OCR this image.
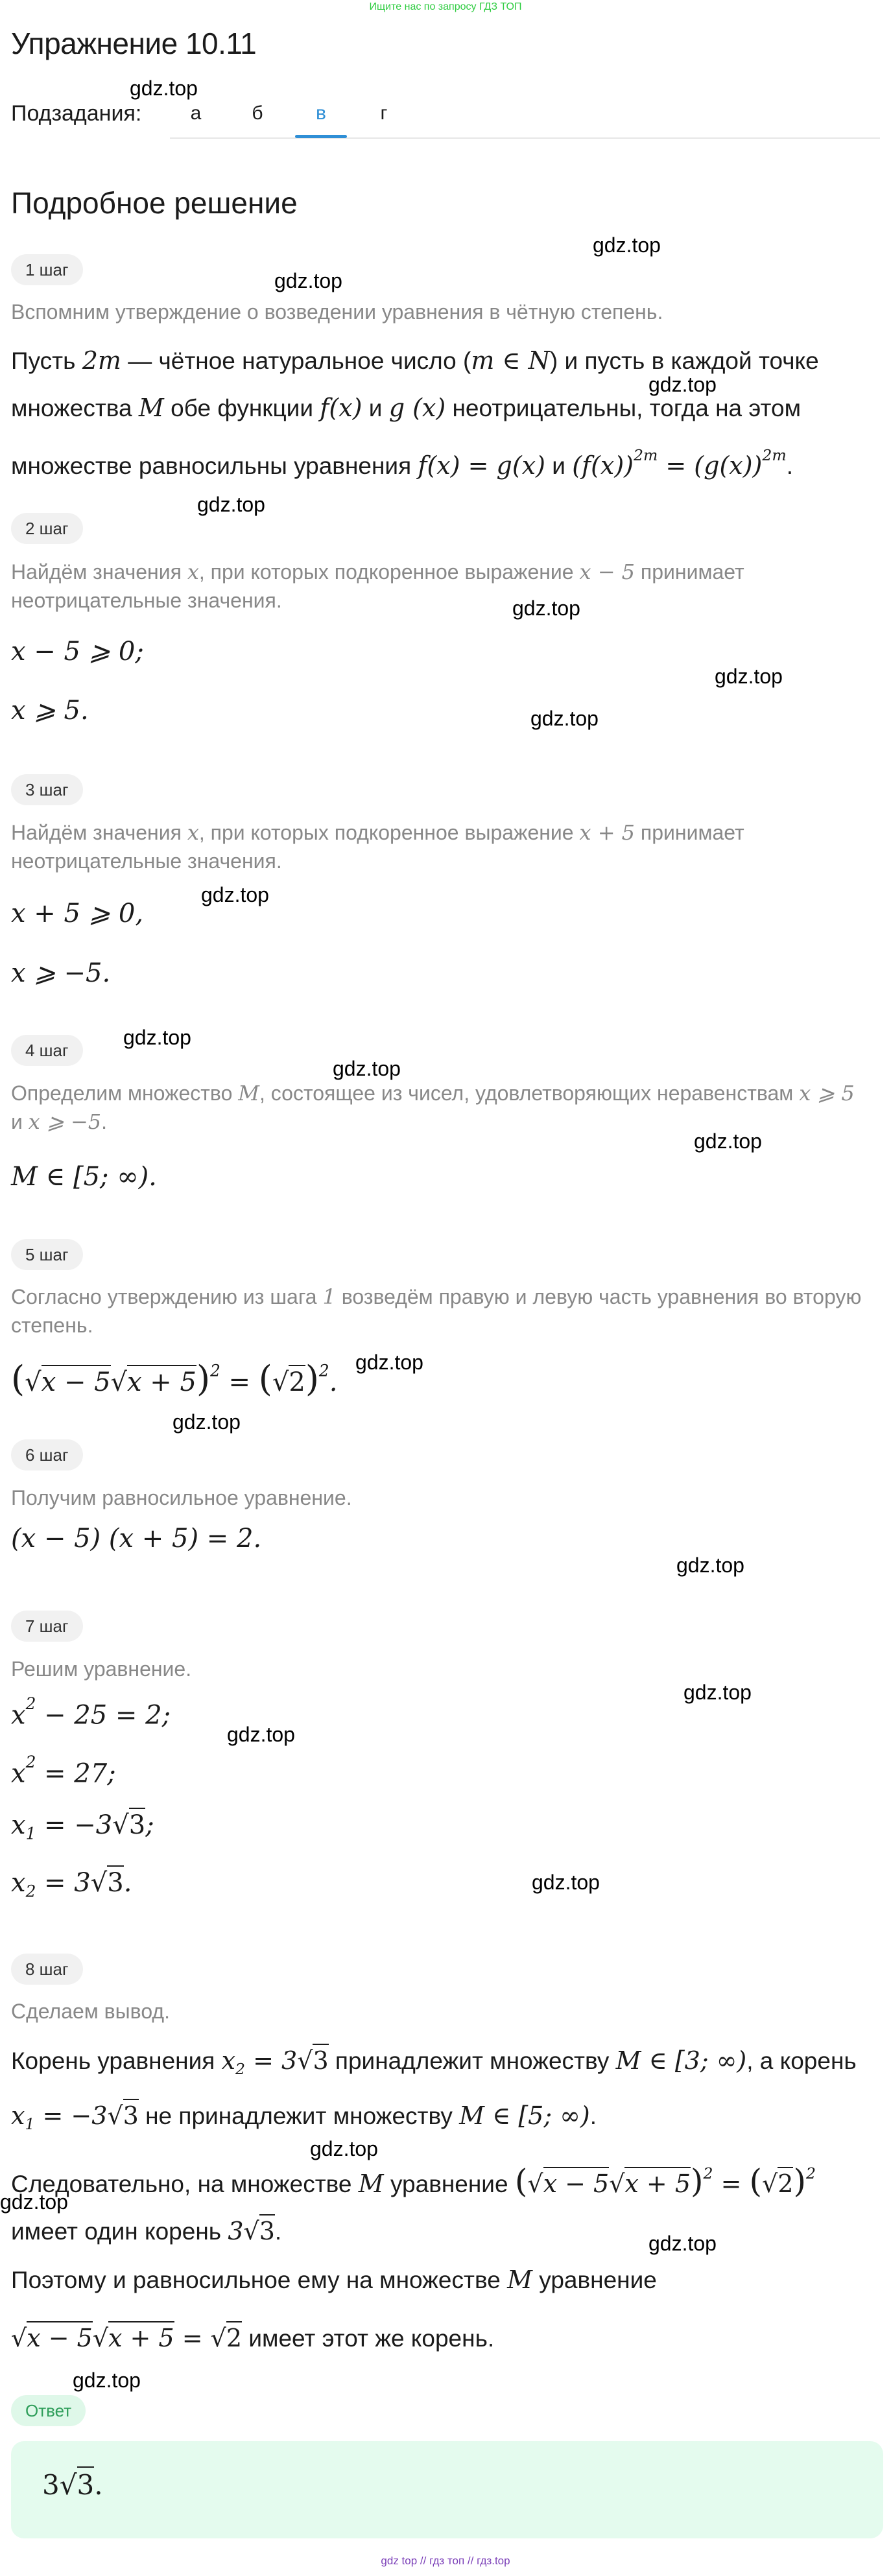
Ищите нас по запросу ГДЗ ТОП
Упражнение 10.11
Подзадания:	а	б	в	г
Подробное решение
gdz.top
gdz.top
gdz.top
gdz.top
gdz.top
gdz.top
gdz.top
gdz.top
gdz.top
gdz.top
gdz.top
gdz.top
gdz.top
gdz.top
gdz.top
gdz.top
gdz.top
gdz.top
gdz.top
gdz.top
gdz.top
gdz.top
1 шаг
Вспомним утверждение о возведении уравнения в чётную степень.
Пусть 2m — чётное натуральное число (m ∈ N) и пусть в каждой точке
множества M обе функции f(x) и g (x) неотрицательны, тогда на этом
множестве равносильны уравнения f(x) = g(x) и $(f(x))^{2m} = (g(x))^{2m}$.
2 шаг
Найдём значения x, при которых подкоренное выражение x − 5 принимает
неотрицательные значения.
x − 5 ⩾ 0;
x ⩾ 5.
3 шаг
Найдём значения x, при которых подкоренное выражение x + 5 принимает
неотрицательные значения.
x + 5 ⩾ 0,
x ⩾ −5.
4 шаг
Определим множество M, состоящее из чисел, удовлетворяющих неравенствам x ⩾ 5
и x ⩾ −5.
M ∈ [5; ∞).
5 шаг
Согласно утверждению из шага 1 возведём правую и левую часть уравнения во вторую
степень.
$(√x - 5√x + 5)^2 = (√2)^2$.
6 шаг
Получим равносильное уравнение.
(x − 5) (x + 5) = 2.
7 шаг
Решим уравнение.
$x^2 - 25 = 2$;
$x^2 = 27$;
$x_1 = -3√3$;
$x_2 = 3√3$.
8 шаг
Сделаем вывод.
Корень уравнения $x_2 = 3√3$ принадлежит множеству M ∈ [3; ∞), а корень
$x_1 = -3√3$ не принадлежит множеству M ∈ [5; ∞).
Следовательно, на множестве M уравнение $(√x - 5√x + 5)^2 = (√2)^2$
имеет один корень 3√3.
Поэтому и равносильное ему на множестве M уравнение
√x − 5√x + 5 = √2 имеет этот же корень.
Ответ
3√3.
gdz top // гдз топ // гдз.top
